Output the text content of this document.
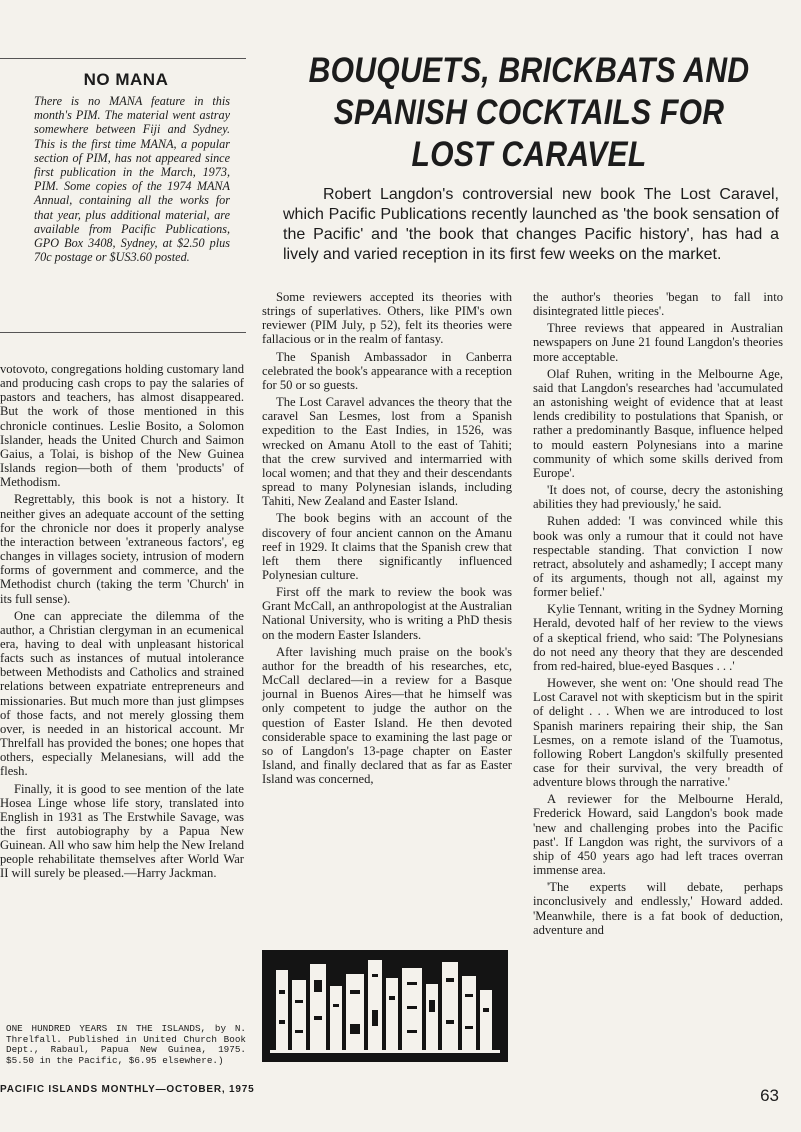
NO MANA

There is no MANA feature in this month's PIM. The material went astray somewhere between Fiji and Sydney. This is the first time MANA, a popular section of PIM, has not appeared since first publication in the March, 1973, PIM. Some copies of the 1974 MANA Annual, containing all the works for that year, plus additional material, are available from Pacific Publications, GPO Box 3408, Sydney, at $2.50 plus 70c postage or $US3.60 posted.

votovoto, congregations holding customary land and producing cash crops to pay the salaries of pastors and teachers, has almost disappeared. But the work of those mentioned in this chronicle continues. Leslie Bosito, a Solomon Islander, heads the United Church and Saimon Gaius, a Tolai, is bishop of the New Guinea Islands region—both of them 'products' of Methodism.

Regrettably, this book is not a history. It neither gives an adequate account of the setting for the chronicle nor does it properly analyse the interaction between 'extraneous factors', eg changes in villages society, intrusion of modern forms of government and commerce, and the Methodist church (taking the term 'Church' in its full sense).

One can appreciate the dilemma of the author, a Christian clergyman in an ecumenical era, having to deal with unpleasant historical facts such as instances of mutual intolerance between Methodists and Catholics and strained relations between expatriate entrepreneurs and missionaries. But much more than just glimpses of those facts, and not merely glossing them over, is needed in an historical account. Mr Threlfall has provided the bones; one hopes that others, especially Melanesians, will add the flesh.

Finally, it is good to see mention of the late Hosea Linge whose life story, translated into English in 1931 as The Erstwhile Savage, was the first autobiography by a Papua New Guinean. All who saw him help the New Ireland people rehabilitate themselves after World War II will surely be pleased.—Harry Jackman.

ONE HUNDRED YEARS IN THE ISLANDS, by N. Threlfall. Published in United Church Book Dept., Rabaul, Papua New Guinea, 1975. $5.50 in the Pacific, $6.95 elsewhere.)

BOUQUETS, BRICKBATS AND
SPANISH COCKTAILS FOR
LOST CARAVEL

Robert Langdon's controversial new book The Lost Caravel, which Pacific Publications recently launched as 'the book sensation of the Pacific' and 'the book that changes Pacific history', has had a lively and varied reception in its first few weeks on the market.

Some reviewers accepted its theories with strings of superlatives. Others, like PIM's own reviewer (PIM July, p 52), felt its theories were fallacious or in the realm of fantasy.

The Spanish Ambassador in Canberra celebrated the book's appearance with a reception for 50 or so guests.

The Lost Caravel advances the theory that the caravel San Lesmes, lost from a Spanish expedition to the East Indies, in 1526, was wrecked on Amanu Atoll to the east of Tahiti; that the crew survived and intermarried with local women; and that they and their descendants spread to many Polynesian islands, including Tahiti, New Zealand and Easter Island.

The book begins with an account of the discovery of four ancient cannon on the Amanu reef in 1929. It claims that the Spanish crew that left them there significantly influenced Polynesian culture.

First off the mark to review the book was Grant McCall, an anthropologist at the Australian National University, who is writing a PhD thesis on the modern Easter Islanders.

After lavishing much praise on the book's author for the breadth of his researches, etc, McCall declared—in a review for a Basque journal in Buenos Aires—that he himself was only competent to judge the author on the question of Easter Island. He then devoted considerable space to examining the last page or so of Langdon's 13-page chapter on Easter Island, and finally declared that as far as Easter Island was concerned,

the author's theories 'began to fall into disintegrated little pieces'.

Three reviews that appeared in Australian newspapers on June 21 found Langdon's theories more acceptable.

Olaf Ruhen, writing in the Melbourne Age, said that Langdon's researches had 'accumulated an astonishing weight of evidence that at least lends credibility to postulations that Spanish, or rather a predominantly Basque, influence helped to mould eastern Polynesians into a marine community of which some skills derived from Europe'.

'It does not, of course, decry the astonishing abilities they had previously,' he said.

Ruhen added: 'I was convinced while this book was only a rumour that it could not have respectable standing. That conviction I now retract, absolutely and ashamedly; I accept many of its arguments, though not all, against my former belief.'

Kylie Tennant, writing in the Sydney Morning Herald, devoted half of her review to the views of a skeptical friend, who said: 'The Polynesians do not need any theory that they are descended from red-haired, blue-eyed Basques . . .'

However, she went on: 'One should read The Lost Caravel not with skepticism but in the spirit of delight . . . When we are introduced to lost Spanish mariners repairing their ship, the San Lesmes, on a remote island of the Tuamotus, following Robert Langdon's skilfully presented case for their survival, the very breadth of adventure blows through the narrative.'

A reviewer for the Melbourne Herald, Frederick Howard, said Langdon's book made 'new and challenging probes into the Pacific past'. If Langdon was right, the survivors of a ship of 450 years ago had left traces overran immense area.

'The experts will debate, perhaps inconclusively and endlessly,' Howard added. 'Meanwhile, there is a fat book of deduction, adventure and

PACIFIC ISLANDS MONTHLY—OCTOBER, 1975	63
